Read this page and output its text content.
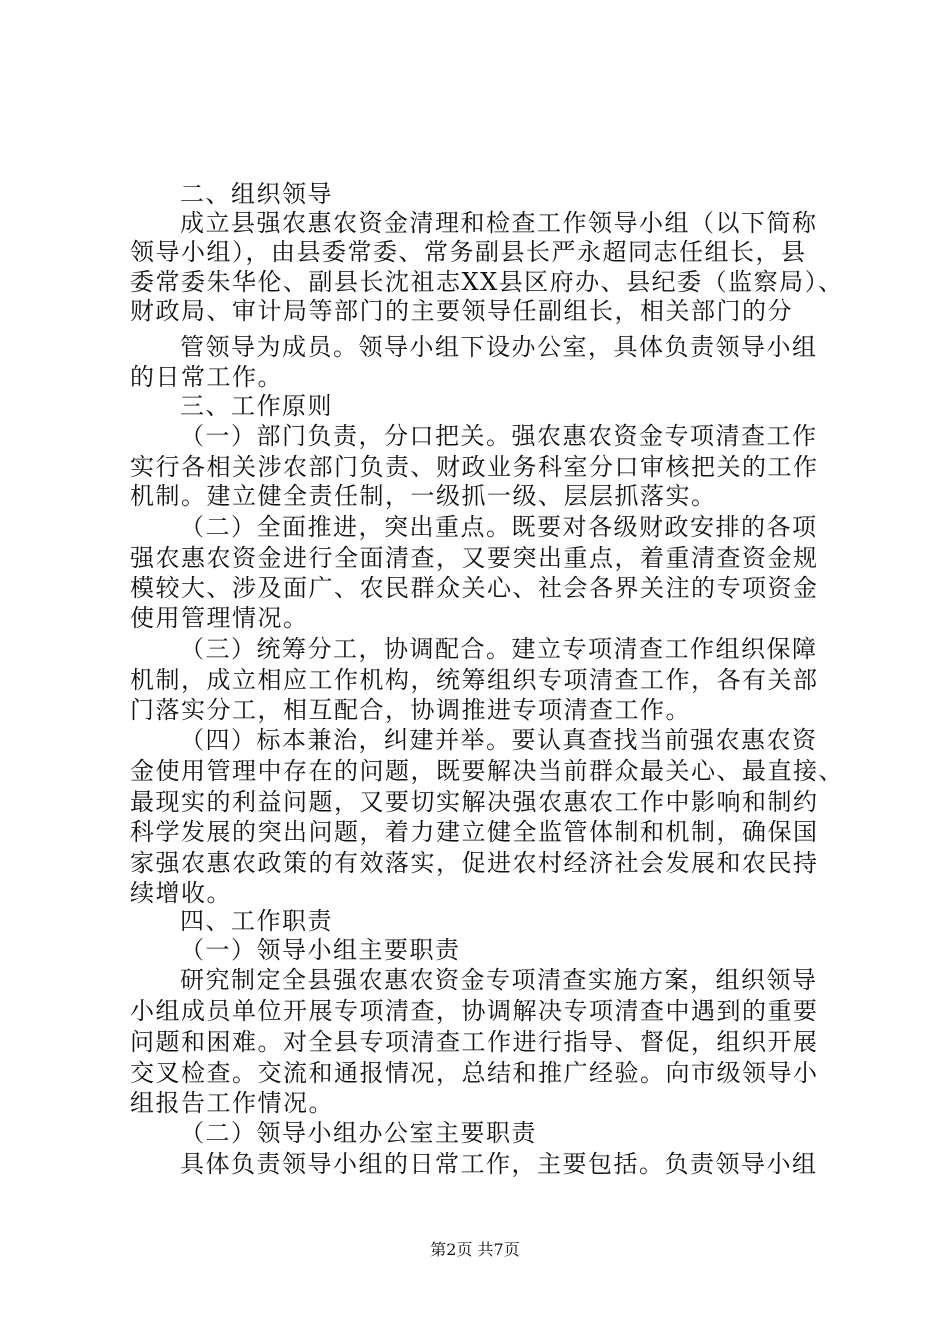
二、组织领导
成立县强农惠农资金清理和检查工作领导小组（以下简称
领导小组），由县委常委、常务副县长严永超同志任组长，县
委常委朱华伦、副县长沈祖志XX县区府办、县纪委（监察局）、
财政局、审计局等部门的主要领导任副组长，相关部门的分
管领导为成员。领导小组下设办公室，具体负责领导小组
的日常工作。
三、工作原则
（一）部门负责，分口把关。强农惠农资金专项清查工作
实行各相关涉农部门负责、财政业务科室分口审核把关的工作
机制。建立健全责任制，一级抓一级、层层抓落实。
（二）全面推进，突出重点。既要对各级财政安排的各项
强农惠农资金进行全面清查，又要突出重点，着重清查资金规
模较大、涉及面广、农民群众关心、社会各界关注的专项资金
使用管理情况。
（三）统筹分工，协调配合。建立专项清查工作组织保障
机制，成立相应工作机构，统筹组织专项清查工作，各有关部
门落实分工，相互配合，协调推进专项清查工作。
（四）标本兼治，纠建并举。要认真查找当前强农惠农资
金使用管理中存在的问题，既要解决当前群众最关心、最直接、
最现实的利益问题，又要切实解决强农惠农工作中影响和制约
科学发展的突出问题，着力建立健全监管体制和机制，确保国
家强农惠农政策的有效落实，促进农村经济社会发展和农民持
续增收。
四、工作职责
（一）领导小组主要职责
研究制定全县强农惠农资金专项清查实施方案，组织领导
小组成员单位开展专项清查，协调解决专项清查中遇到的重要
问题和困难。对全县专项清查工作进行指导、督促，组织开展
交叉检查。交流和通报情况，总结和推广经验。向市级领导小
组报告工作情况。
（二）领导小组办公室主要职责
具体负责领导小组的日常工作，主要包括。负责领导小组
第2页 共7页
